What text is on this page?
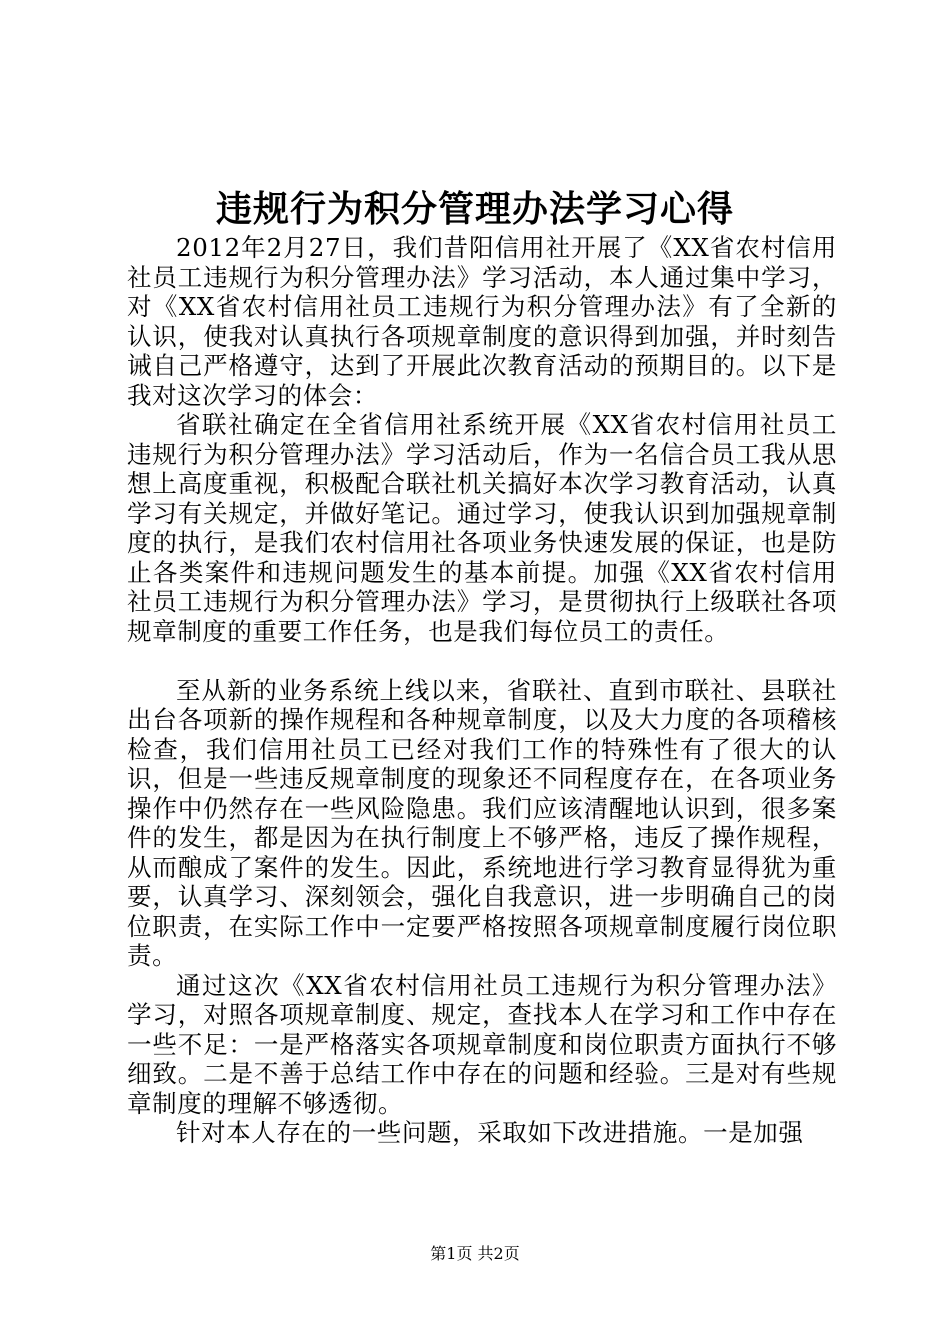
违规行为积分管理办法学习心得

2012年2月27日，我们昔阳信用社开展了《XX省农村信用社员工违规行为积分管理办法》学习活动，本人通过集中学习，对《XX省农村信用社员工违规行为积分管理办法》有了全新的认识，使我对认真执行各项规章制度的意识得到加强，并时刻告诫自己严格遵守，达到了开展此次教育活动的预期目的。以下是我对这次学习的体会：

省联社确定在全省信用社系统开展《XX省农村信用社员工违规行为积分管理办法》学习活动后，作为一名信合员工我从思想上高度重视，积极配合联社机关搞好本次学习教育活动，认真学习有关规定，并做好笔记。通过学习，使我认识到加强规章制度的执行，是我们农村信用社各项业务快速发展的保证，也是防止各类案件和违规问题发生的基本前提。加强《XX省农村信用社员工违规行为积分管理办法》学习，是贯彻执行上级联社各项规章制度的重要工作任务，也是我们每位员工的责任。

至从新的业务系统上线以来，省联社、直到市联社、县联社出台各项新的操作规程和各种规章制度，以及大力度的各项稽核检查，我们信用社员工已经对我们工作的特殊性有了很大的认识，但是一些违反规章制度的现象还不同程度存在，在各项业务操作中仍然存在一些风险隐患。我们应该清醒地认识到，很多案件的发生，都是因为在执行制度上不够严格，违反了操作规程，从而酿成了案件的发生。因此，系统地进行学习教育显得犹为重要，认真学习、深刻领会，强化自我意识，进一步明确自己的岗位职责，在实际工作中一定要严格按照各项规章制度履行岗位职责。

通过这次《XX省农村信用社员工违规行为积分管理办法》学习，对照各项规章制度、规定，查找本人在学习和工作中存在一些不足：一是严格落实各项规章制度和岗位职责方面执行不够细致。二是不善于总结工作中存在的问题和经验。三是对有些规章制度的理解不够透彻。

针对本人存在的一些问题，采取如下改进措施。一是加强

第1页 共2页
